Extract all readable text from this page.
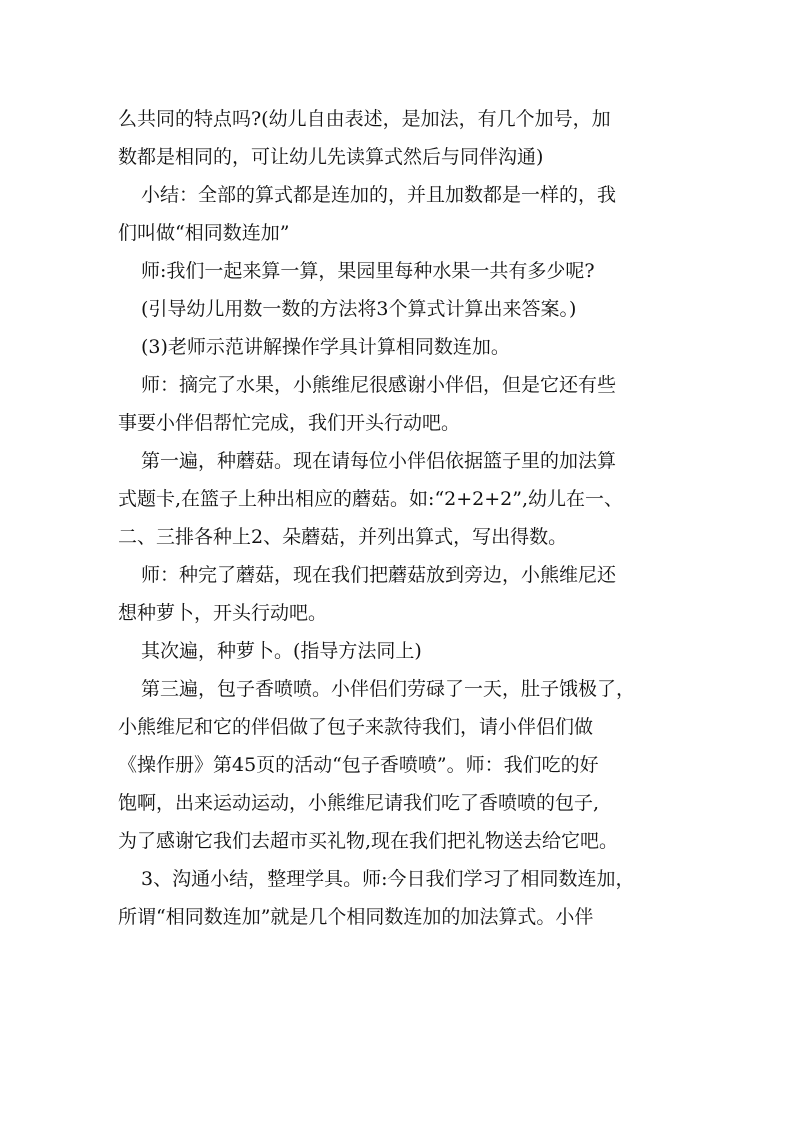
么共同的特点吗?(幼儿自由表述，是加法，有几个加号，加
数都是相同的，可让幼儿先读算式然后与同伴沟通)
小结：全部的算式都是连加的，并且加数都是一样的，我
们叫做“相同数连加”
师:我们一起来算一算，果园里每种水果一共有多少呢?
(引导幼儿用数一数的方法将3个算式计算出来答案。)
(3)老师示范讲解操作学具计算相同数连加。
师：摘完了水果，小熊维尼很感谢小伴侣，但是它还有些
事要小伴侣帮忙完成，我们开头行动吧。
第一遍，种蘑菇。现在请每位小伴侣依据篮子里的加法算
式题卡,在篮子上种出相应的蘑菇。如:“2+2+2”,幼儿在一、
二、三排各种上2、朵蘑菇，并列出算式，写出得数。
师：种完了蘑菇，现在我们把蘑菇放到旁边，小熊维尼还
想种萝卜，开头行动吧。
其次遍，种萝卜。(指导方法同上)
第三遍，包子香喷喷。小伴侣们劳碌了一天，肚子饿极了，
小熊维尼和它的伴侣做了包子来款待我们，请小伴侣们做
《操作册》第45页的活动“包子香喷喷”。师：我们吃的好
饱啊，出来运动运动，小熊维尼请我们吃了香喷喷的包子,
为了感谢它我们去超市买礼物,现在我们把礼物送去给它吧。
3、沟通小结，整理学具。师:今日我们学习了相同数连加，
所谓“相同数连加”就是几个相同数连加的加法算式。小伴
